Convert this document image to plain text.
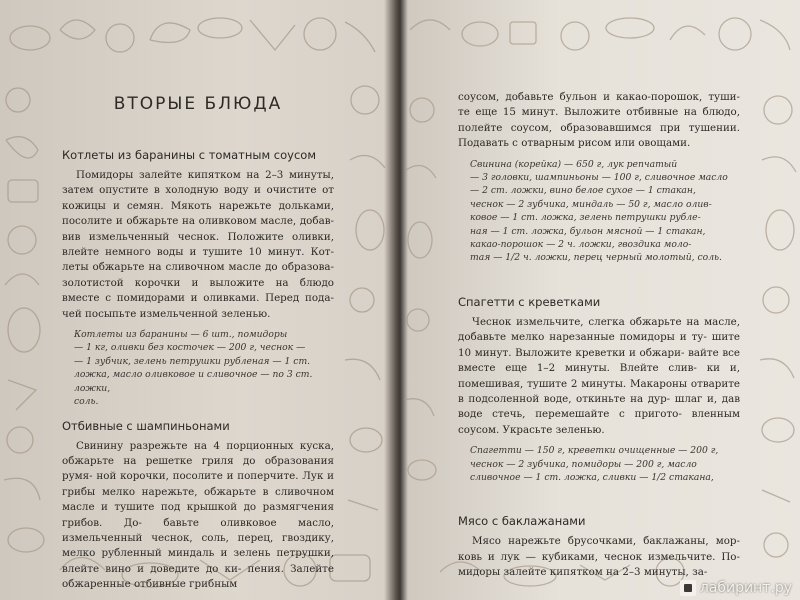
ВТОРЫЕ БЛЮДА
Котлеты из баранины с томатным соусом

Помидоры залейте кипятком на 2–3 минуты, затем опустите в холодную воду и очистите от кожицы и семян. Мякоть нарежьте дольками, посолите и обжарьте на оливковом масле, добав- вив измельченный чеснок. Положите оливки, влейте немного воды и тушите 10 минут. Кот- леты обжарьте на сливочном масле до образова- золотистой корочки и выложите на блюдо вместе с помидорами и оливками. Перед пода- чей посыпьте измельченной зеленью.

Котлеты из баранины — 6 шт., помидоры
— 1 кг, оливки без косточек — 200 г, чеснок —
— 1 зубчик, зелень петрушки рубленая — 1 ст.
ложка, масло оливковое и сливочное — по 3 ст. ложки,
соль.
Отбивные с шампиньонами

Свинину разрежьте на 4 порционных куска, обжарьте на решетке гриля до образования румя- ной корочки, посолите и поперчите. Лук и грибы мелко нарежьте, обжарьте в сливочном масле и тушите под крышкой до размягчения грибов. До- бавьте оливковое масло, измельченный чеснок, соль, перец, гвоздику, мелко рубленный миндаль и зелень петрушки, влейте вино и доведите до ки- пения. Залейте обжаренные отбивные грибным

соусом, добавьте бульон и какао-порошок, туши- те еще 15 минут. Выложите отбивные на блюдо, полейте соусом, образовавшимся при тушении. Подавать с отварным рисом или овощами.

Свинина (корейка) — 650 г, лук репчатый
— 3 головки, шампиньоны — 100 г, сливочное масло
— 2 ст. ложки, вино белое сухое — 1 стакан,
чеснок — 2 зубчика, миндаль — 50 г, масло олив-
ковое — 1 ст. ложка, зелень петрушки рубле-
ная — 1 ст. ложка, бульон мясной — 1 стакан,
какао-порошок — 2 ч. ложки, гвоздика моло-
тая — 1/2 ч. ложки, перец черный молотый, соль.
Спагетти с креветками

Чеснок измельчите, слегка обжарьте на масле, добавьте мелко нарезанные помидоры и ту- шите 10 минут. Выложите креветки и обжари- вайте все вместе еще 1–2 минуты. Влейте слив- ки и, помешивая, тушите 2 минуты. Макароны отварите в подсоленной воде, откиньте на дур- шлаг и, дав воде стечь, перемешайте с пригото- вленным соусом. Украсьте зеленью.

Спагетти — 150 г, креветки очищенные — 200 г,
чеснок — 2 зубчика, помидоры — 200 г, масло
сливочное — 1 ст. ложка, сливки — 1/2 стакана,
Мясо с баклажанами

Мясо нарежьте брусочками, баклажаны, мор- ковь и лук — кубиками, чеснок измельчите. По- мидоры залейте кипятком на 2–3 минуты, за-

лабиринт.ру
